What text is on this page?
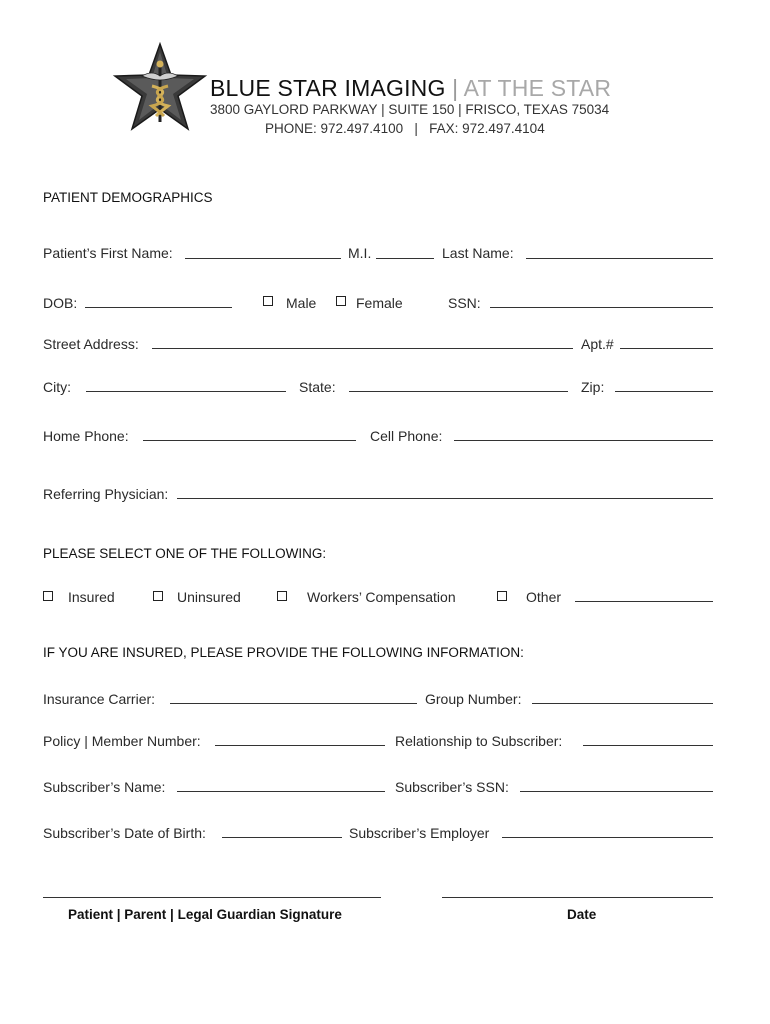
BLUE STAR IMAGING | AT THE STAR
3800 GAYLORD PARKWAY | SUITE 150 | FRISCO, TEXAS 75034
PHONE: 972.497.4100   |   FAX: 972.497.4104
PATIENT DEMOGRAPHICS
Patient’s First Name:	M.I.	Last Name:
DOB:	Male	Female	SSN:
Street Address:	Apt.#
City:	State:	Zip:
Home Phone:	Cell Phone:
Referring Physician:
PLEASE SELECT ONE OF THE FOLLOWING:
Insured	Uninsured	Workers’ Compensation	Other
IF YOU ARE INSURED, PLEASE PROVIDE THE FOLLOWING INFORMATION:
Insurance Carrier:	Group Number:
Policy | Member Number:	Relationship to Subscriber:
Subscriber’s Name:	Subscriber’s SSN:
Subscriber’s Date of Birth:	Subscriber’s Employer
Patient | Parent | Legal Guardian Signature	Date
